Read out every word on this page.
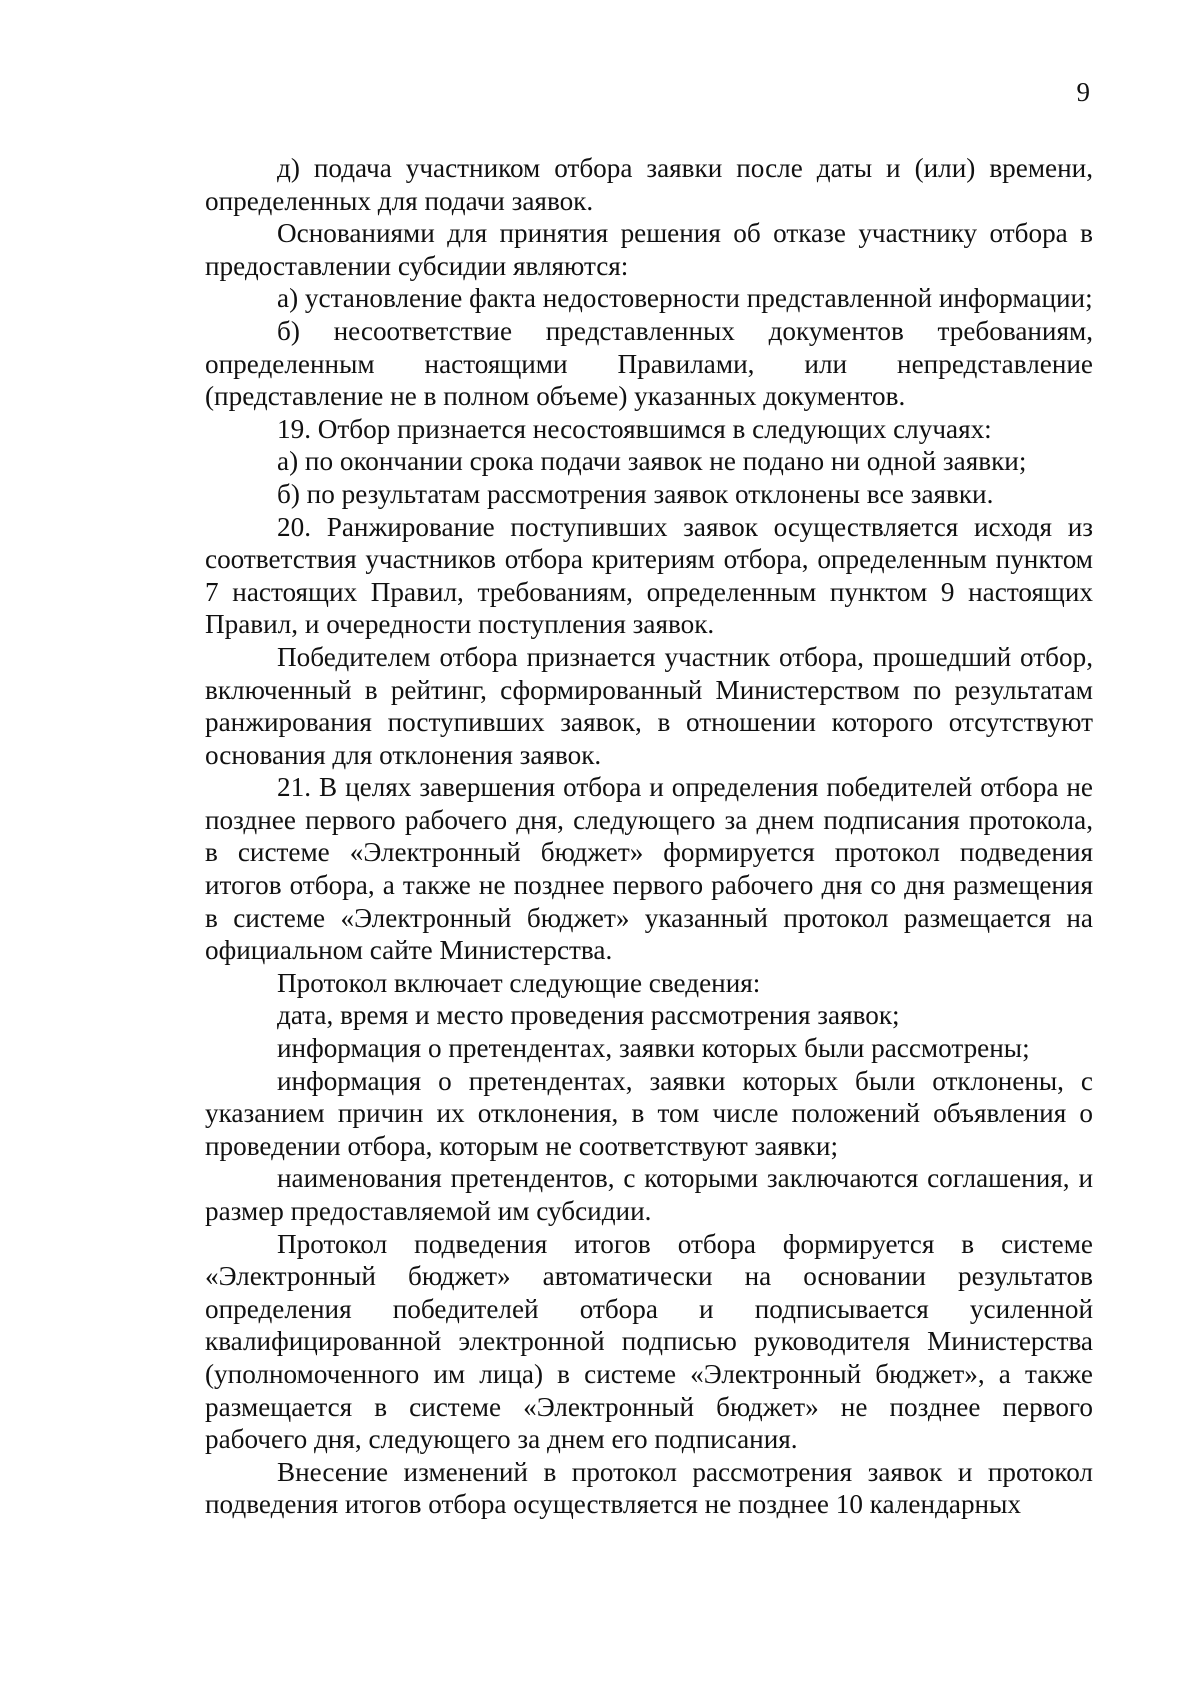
9

д) подача участником отбора заявки после даты и (или) времени, определенных для подачи заявок.

Основаниями для принятия решения об отказе участнику отбора в предоставлении субсидии являются:

а) установление факта недостоверности представленной информации;

б) несоответствие представленных документов требованиям, определенным настоящими Правилами, или непредставление (представление не в полном объеме) указанных документов.

19. Отбор признается несостоявшимся в следующих случаях:

а) по окончании срока подачи заявок не подано ни одной заявки;

б) по результатам рассмотрения заявок отклонены все заявки.

20. Ранжирование поступивших заявок осуществляется исходя из соответствия участников отбора критериям отбора, определенным пунктом 7 настоящих Правил, требованиям, определенным пунктом 9 настоящих Правил, и очередности поступления заявок.

Победителем отбора признается участник отбора, прошедший отбор, включенный в рейтинг, сформированный Министерством по результатам ранжирования поступивших заявок, в отношении которого отсутствуют основания для отклонения заявок.

21. В целях завершения отбора и определения победителей отбора не позднее первого рабочего дня, следующего за днем подписания протокола, в системе «Электронный бюджет» формируется протокол подведения итогов отбора, а также не позднее первого рабочего дня со дня размещения в системе «Электронный бюджет» указанный протокол размещается на официальном сайте Министерства.

Протокол включает следующие сведения:

дата, время и место проведения рассмотрения заявок;

информация о претендентах, заявки которых были рассмотрены;

информация о претендентах, заявки которых были отклонены, с указанием причин их отклонения, в том числе положений объявления о проведении отбора, которым не соответствуют заявки;

наименования претендентов, с которыми заключаются соглашения, и размер предоставляемой им субсидии.

Протокол подведения итогов отбора формируется в системе «Электронный бюджет» автоматически на основании результатов определения победителей отбора и подписывается усиленной квалифицированной электронной подписью руководителя Министерства (уполномоченного им лица) в системе «Электронный бюджет», а также размещается в системе «Электронный бюджет» не позднее первого рабочего дня, следующего за днем его подписания.

Внесение изменений в протокол рассмотрения заявок и протокол подведения итогов отбора осуществляется не позднее 10 календарных
